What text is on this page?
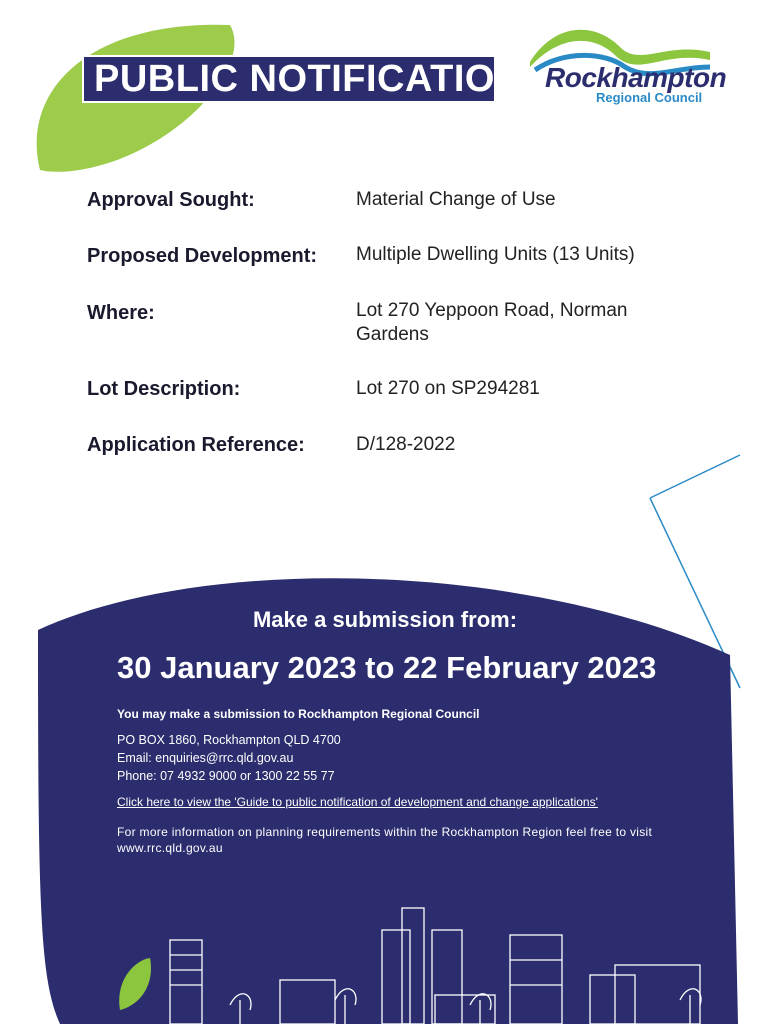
PUBLIC NOTIFICATION Rockhampton
Regional Council
Approval Sought:	Material Change of Use
Proposed Development: Multiple Dwelling Units (13 Units)
Where:	Lot 270 Yeppoon Road, Norman Gardens
Lot Description:	Lot 270 on SP294281
Application Reference:	D/128-2022
Make a submission from:
30 January 2023 to 22 February 2023
You may make a submission to Rockhampton Regional Council
PO BOX 1860, Rockhampton QLD 4700
Email: enquiries@rrc.qld.gov.au
Phone: 07 4932 9000 or 1300 22 55 77
Click here to view the 'Guide to public notification of development and change applications'
For more information on planning requirements within the Rockhampton Region feel free to visit www.rrc.qld.gov.au
